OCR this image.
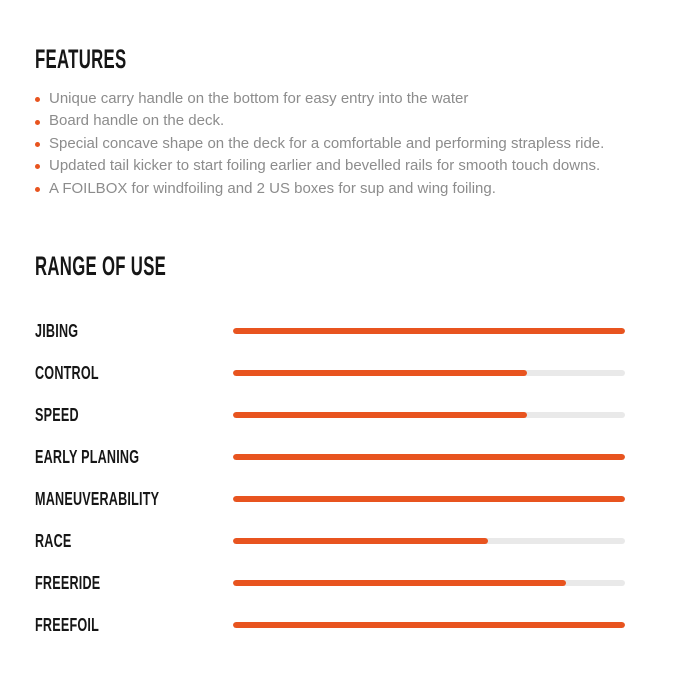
FEATURES
Unique carry handle on the bottom for easy entry into the water
Board handle on the deck.
Special concave shape on the deck for a comfortable and performing strapless ride.
Updated tail kicker to start foiling earlier and bevelled rails for smooth touch downs.
A FOILBOX for windfoiling and 2 US boxes for sup and wing foiling.
RANGE OF USE
JIBING
CONTROL
SPEED
EARLY PLANING
MANEUVERABILITY
RACE
FREERIDE
FREEFOIL
